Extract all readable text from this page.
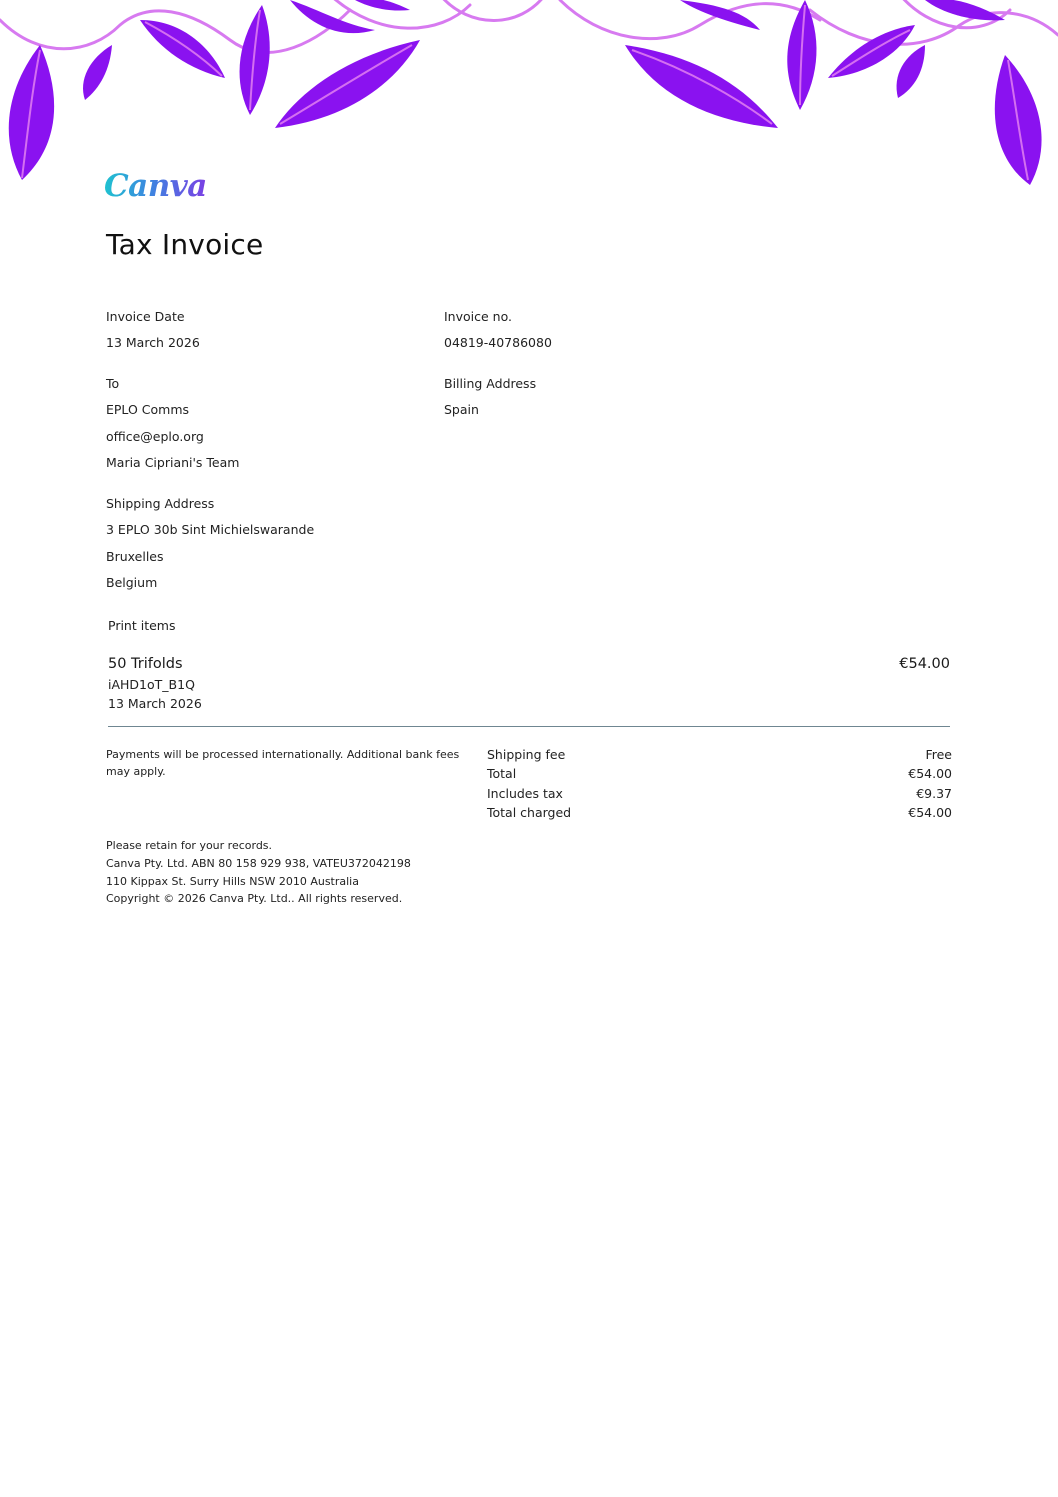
Canva
Tax Invoice
Invoice Date
13 March 2026
Invoice no.
04819-40786080
To
EPLO Comms
office@eplo.org
Maria Cipriani's Team
Billing Address
Spain
Shipping Address
3 EPLO 30b Sint Michielswarande
Bruxelles
Belgium
Print items
50 Trifolds	€54.00
iAHD1oT_B1Q
13 March 2026
Payments will be processed internationally. Additional bank fees may apply.
Shipping fee	Free
Total	€54.00
Includes tax	€9.37
Total charged	€54.00
Please retain for your records.
Canva Pty. Ltd. ABN 80 158 929 938, VATEU372042198
110 Kippax St. Surry Hills NSW 2010 Australia
Copyright © 2026 Canva Pty. Ltd.. All rights reserved.
